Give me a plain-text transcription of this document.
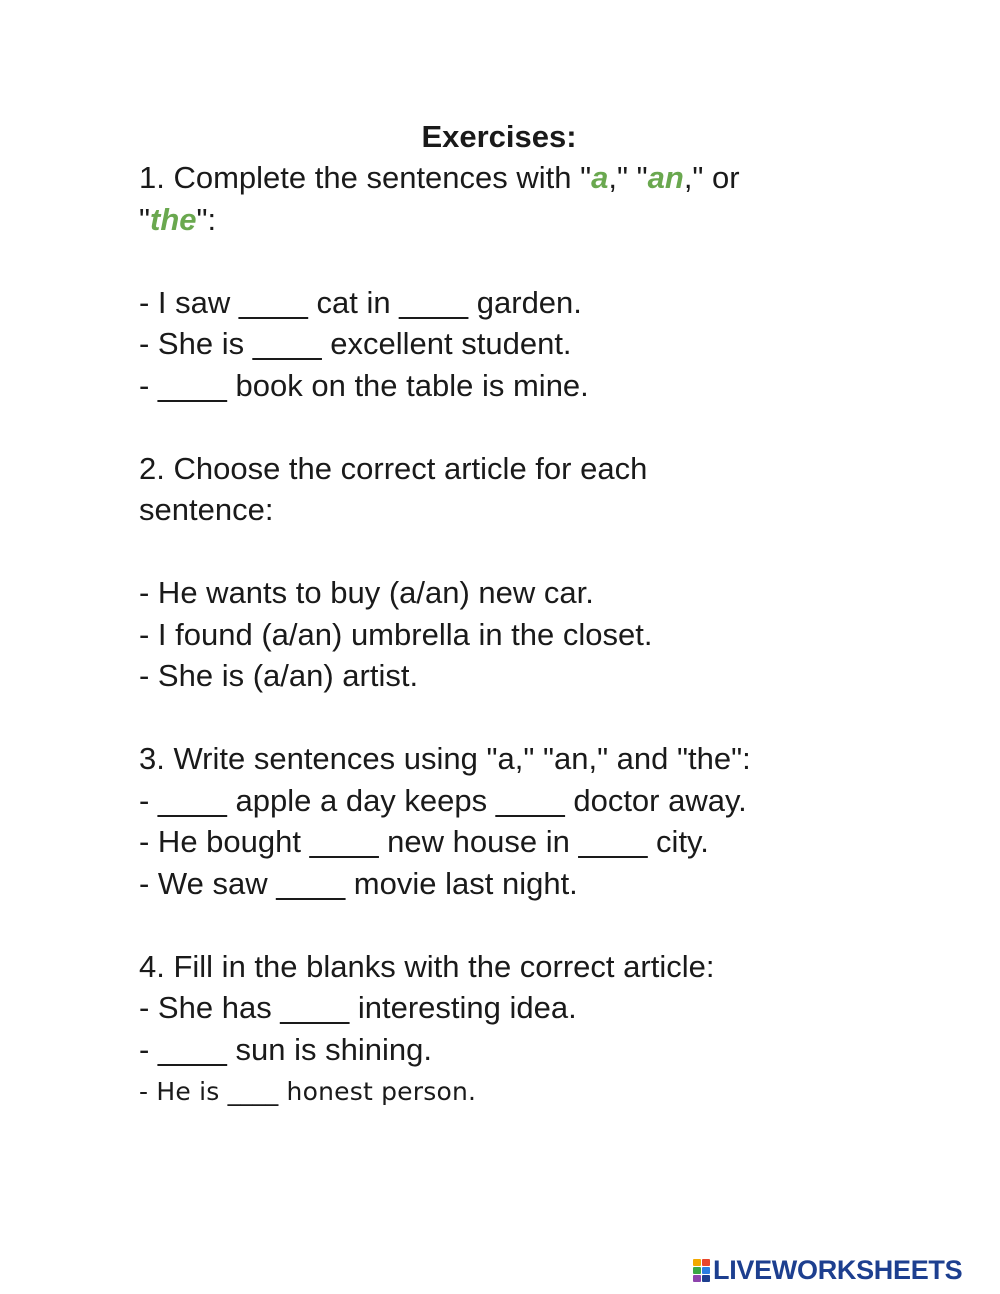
Exercises:
1. Complete the sentences with "a," "an," or
"the":
- I saw ____ cat in ____ garden.
- She is ____ excellent student.
- ____ book on the table is mine.
2. Choose the correct article for each
sentence:
- He wants to buy (a/an) new car.
- I found (a/an) umbrella in the closet.
- She is (a/an) artist.
3. Write sentences using "a," "an," and "the":
- ____ apple a day keeps ____ doctor away.
- He bought ____ new house in ____ city.
- We saw ____ movie last night.
4. Fill in the blanks with the correct article:
- She has ____ interesting idea.
- ____ sun is shining.
- He is ____ honest person.
LIVEWORKSHEETS
